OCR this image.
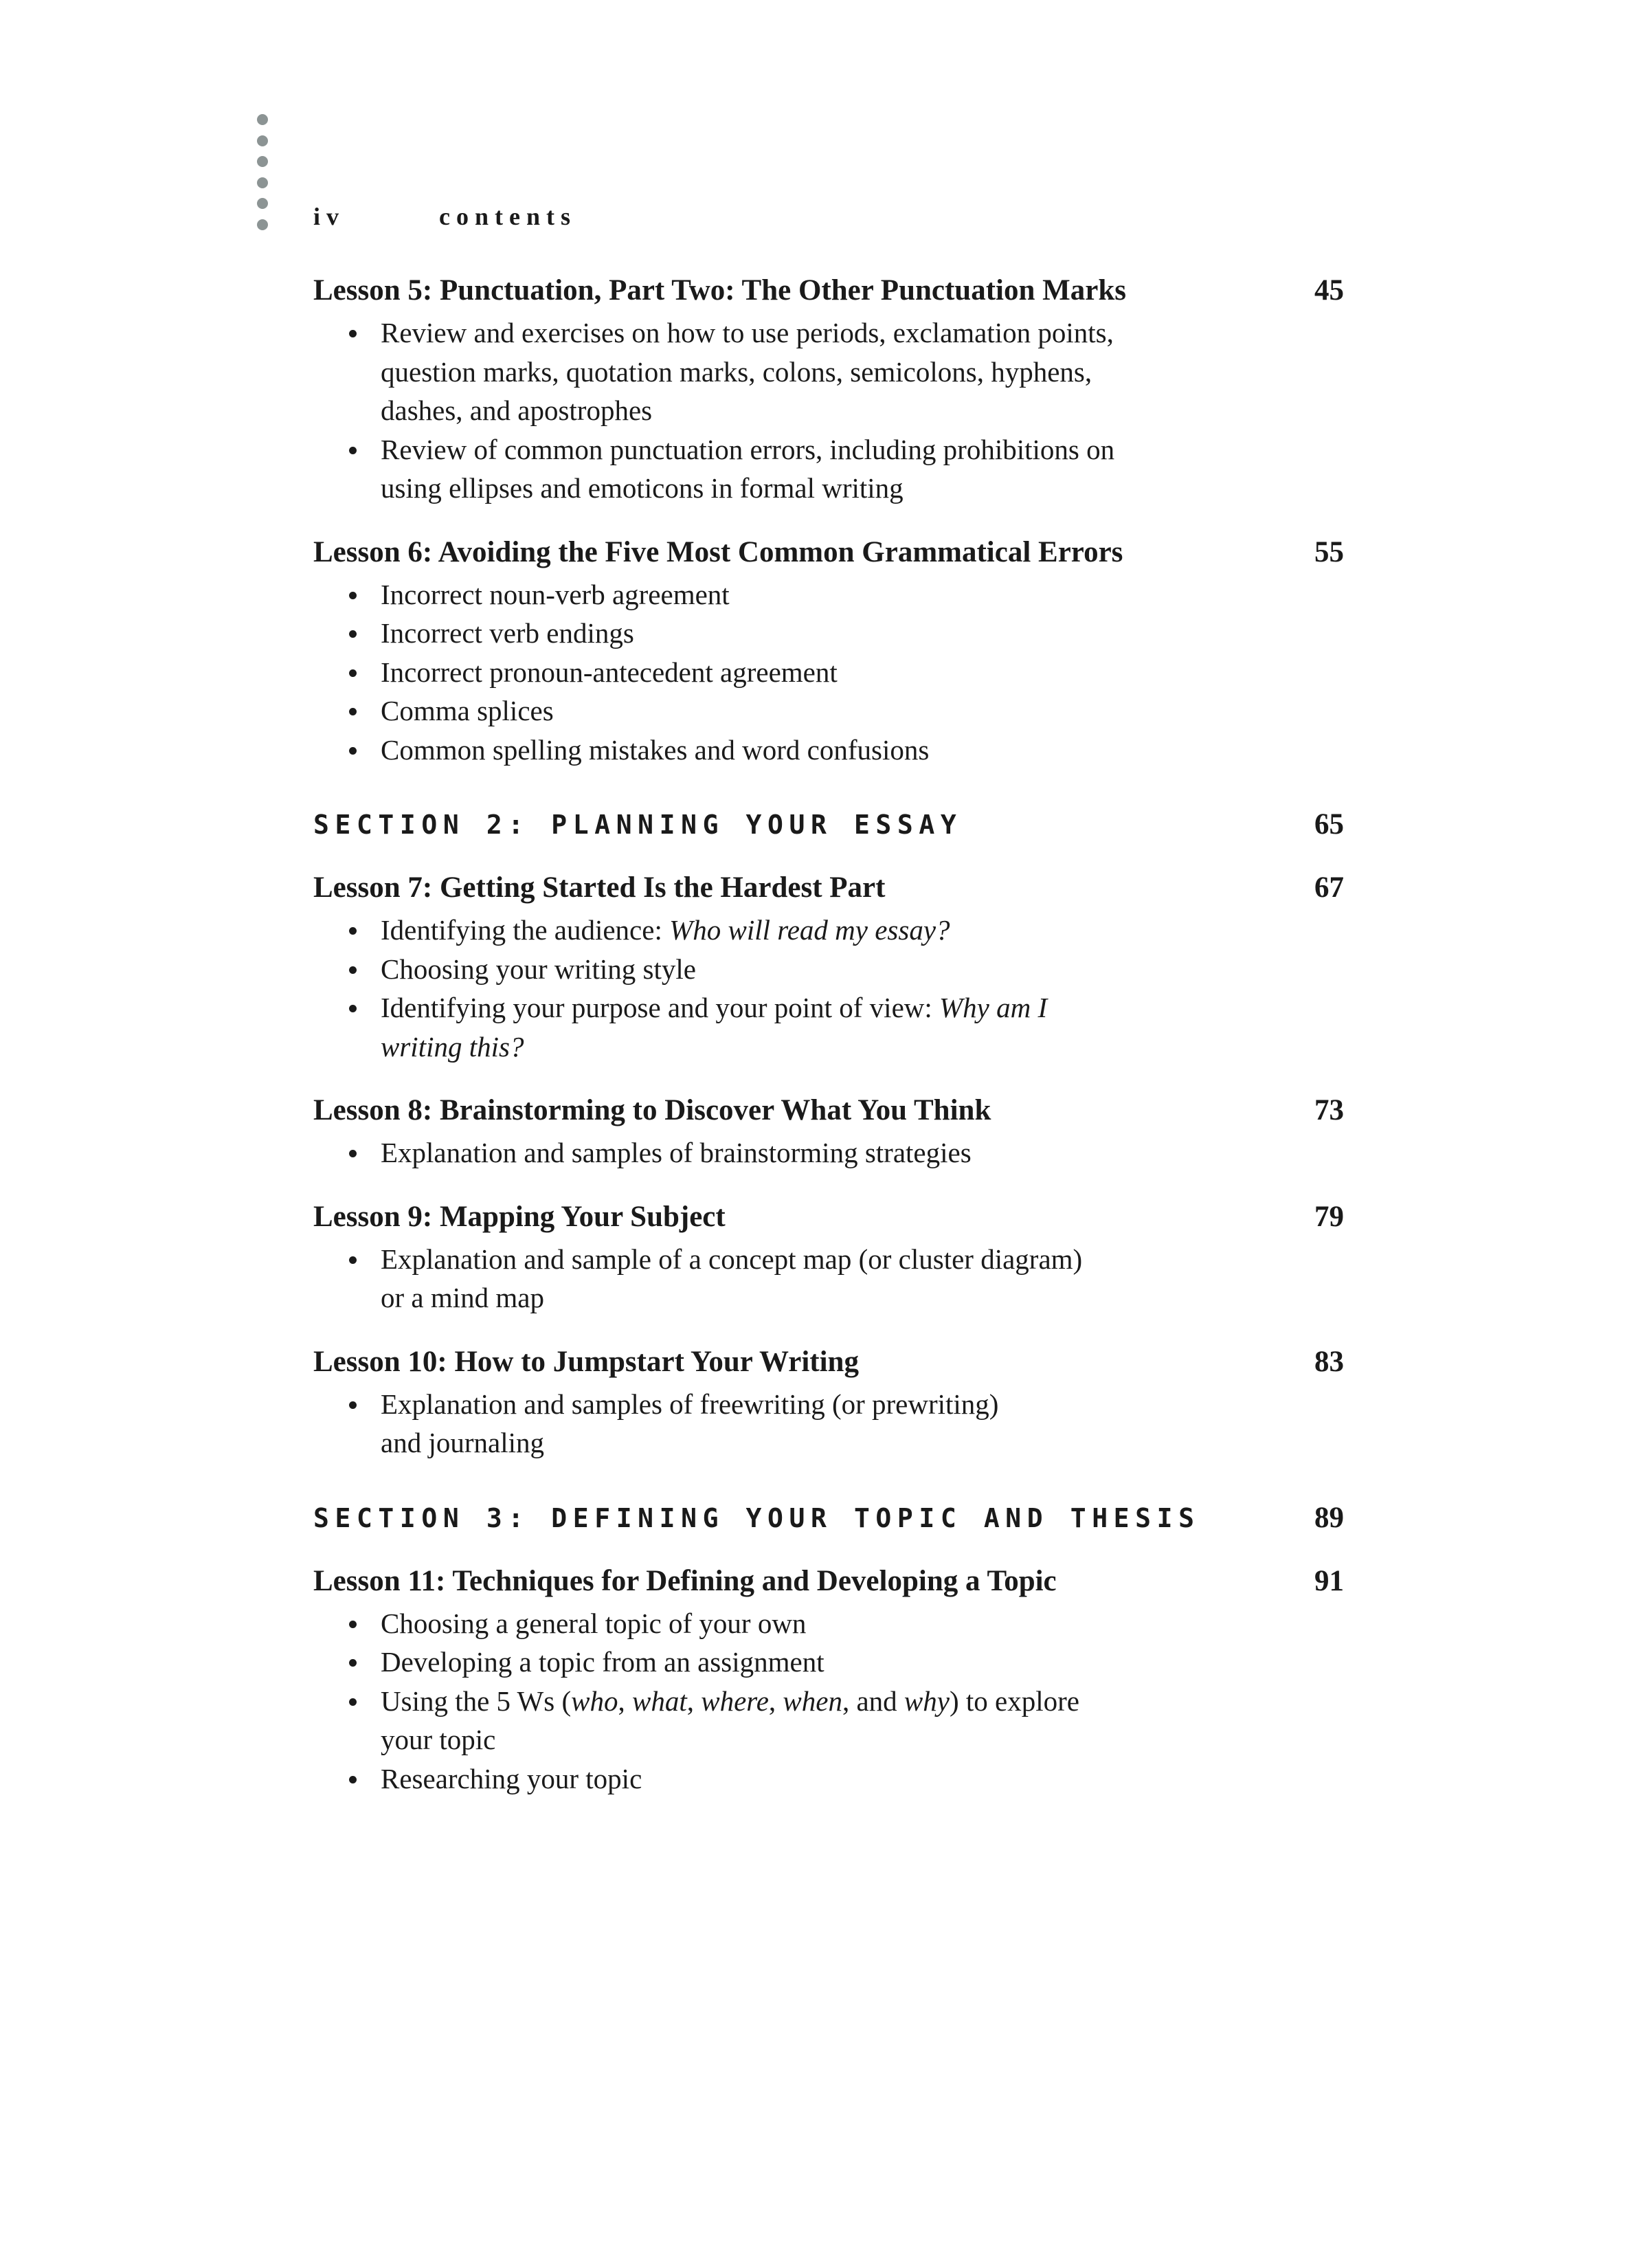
iv	contents
Lesson 5: Punctuation, Part Two: The Other Punctuation Marks	45
Review and exercises on how to use periods, exclamation points,
question marks, quotation marks, colons, semicolons, hyphens,
dashes, and apostrophes
Review of common punctuation errors, including prohibitions on
using ellipses and emoticons in formal writing
Lesson 6: Avoiding the Five Most Common Grammatical Errors	55
Incorrect noun-verb agreement
Incorrect verb endings
Incorrect pronoun-antecedent agreement
Comma splices
Common spelling mistakes and word confusions
SECTION 2: PLANNING YOUR ESSAY	65
Lesson 7: Getting Started Is the Hardest Part	67
Identifying the audience: Who will read my essay?
Choosing your writing style
Identifying your purpose and your point of view: Why am I
writing this?
Lesson 8: Brainstorming to Discover What You Think	73
Explanation and samples of brainstorming strategies
Lesson 9: Mapping Your Subject	79
Explanation and sample of a concept map (or cluster diagram)
or a mind map
Lesson 10: How to Jumpstart Your Writing	83
Explanation and samples of freewriting (or prewriting)
and journaling
SECTION 3: DEFINING YOUR TOPIC AND THESIS	89
Lesson 11: Techniques for Defining and Developing a Topic	91
Choosing a general topic of your own
Developing a topic from an assignment
Using the 5 Ws (who, what, where, when, and why) to explore
your topic
Researching your topic
